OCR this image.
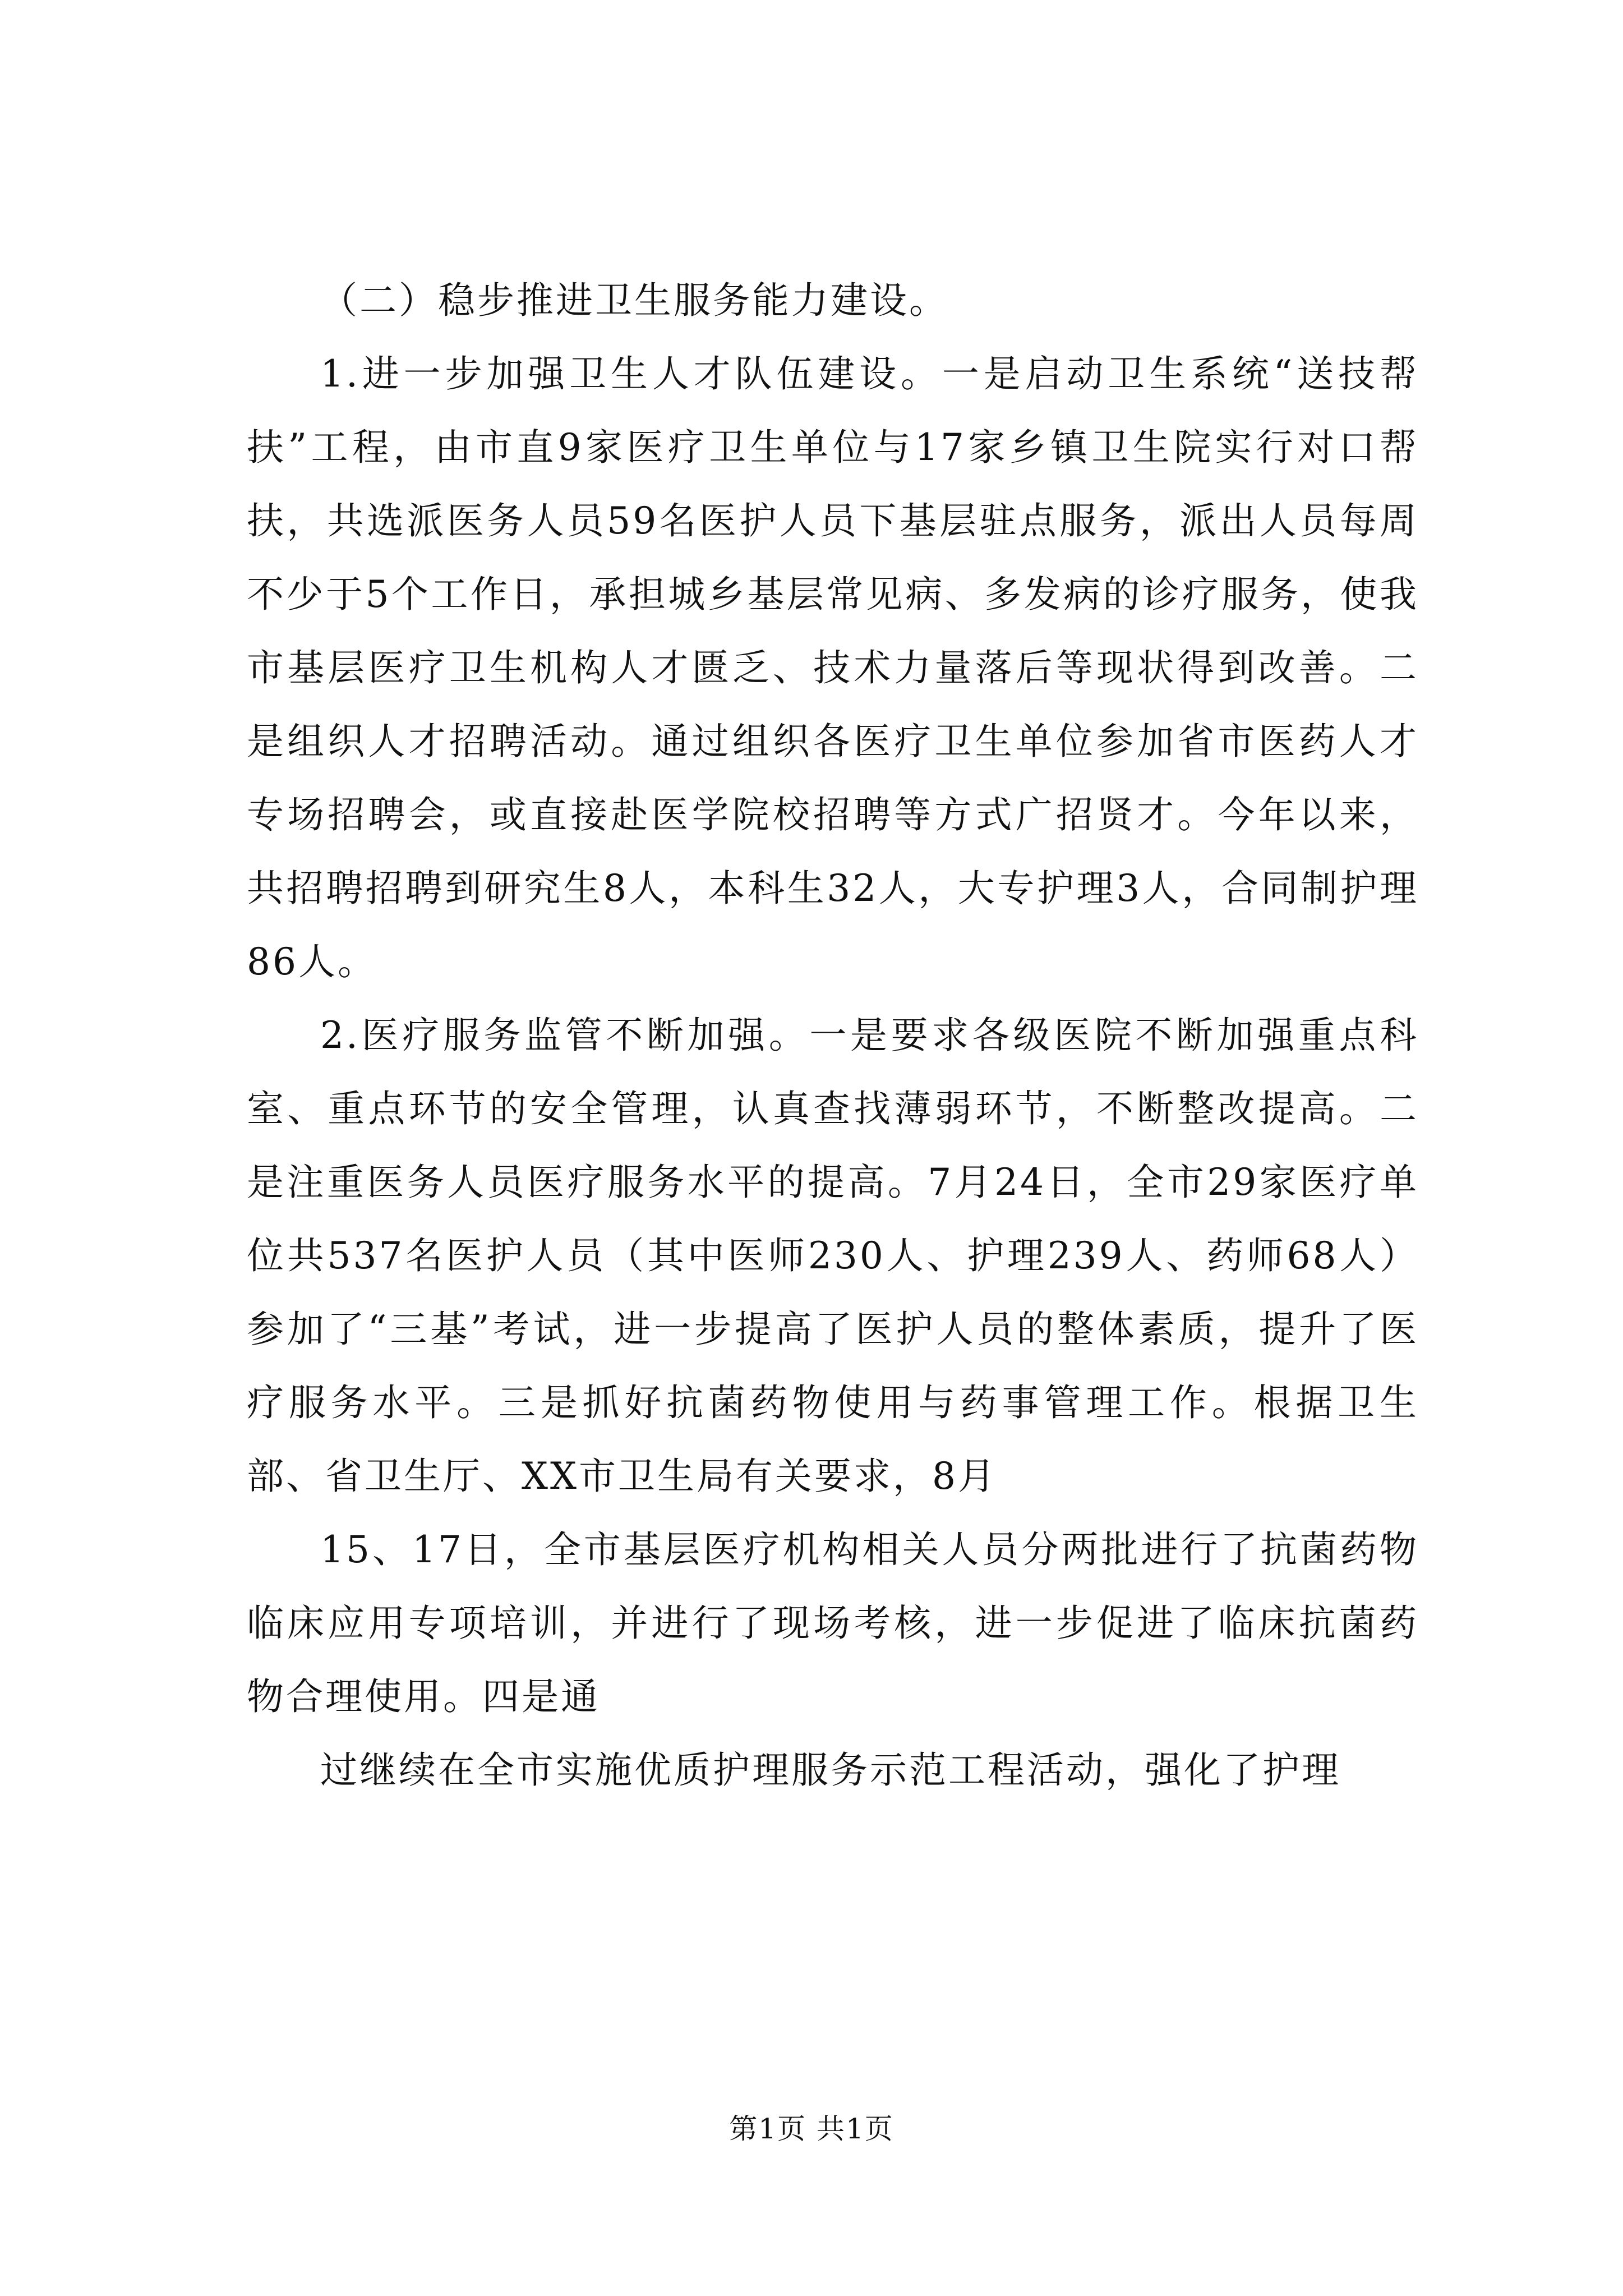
（二）稳步推进卫生服务能力建设。

1.进一步加强卫生人才队伍建设。一是启动卫生系统“送技帮扶”工程，由市直9家医疗卫生单位与17家乡镇卫生院实行对口帮扶，共选派医务人员59名医护人员下基层驻点服务，派出人员每周不少于5个工作日，承担城乡基层常见病、多发病的诊疗服务，使我市基层医疗卫生机构人才匮乏、技术力量落后等现状得到改善。二是组织人才招聘活动。通过组织各医疗卫生单位参加省市医药人才专场招聘会，或直接赴医学院校招聘等方式广招贤才。今年以来，共招聘招聘到研究生8人，本科生32人，大专护理3人，合同制护理86人。

2.医疗服务监管不断加强。一是要求各级医院不断加强重点科室、重点环节的安全管理，认真查找薄弱环节，不断整改提高。二是注重医务人员医疗服务水平的提高。7月24日，全市29家医疗单位共537名医护人员（其中医师230人、护理239人、药师68人）参加了“三基”考试，进一步提高了医护人员的整体素质，提升了医疗服务水平。三是抓好抗菌药物使用与药事管理工作。根据卫生部、省卫生厅、XX市卫生局有关要求，8月

15、17日，全市基层医疗机构相关人员分两批进行了抗菌药物临床应用专项培训，并进行了现场考核，进一步促进了临床抗菌药物合理使用。四是通

过继续在全市实施优质护理服务示范工程活动，强化了护理

第1页 共1页
